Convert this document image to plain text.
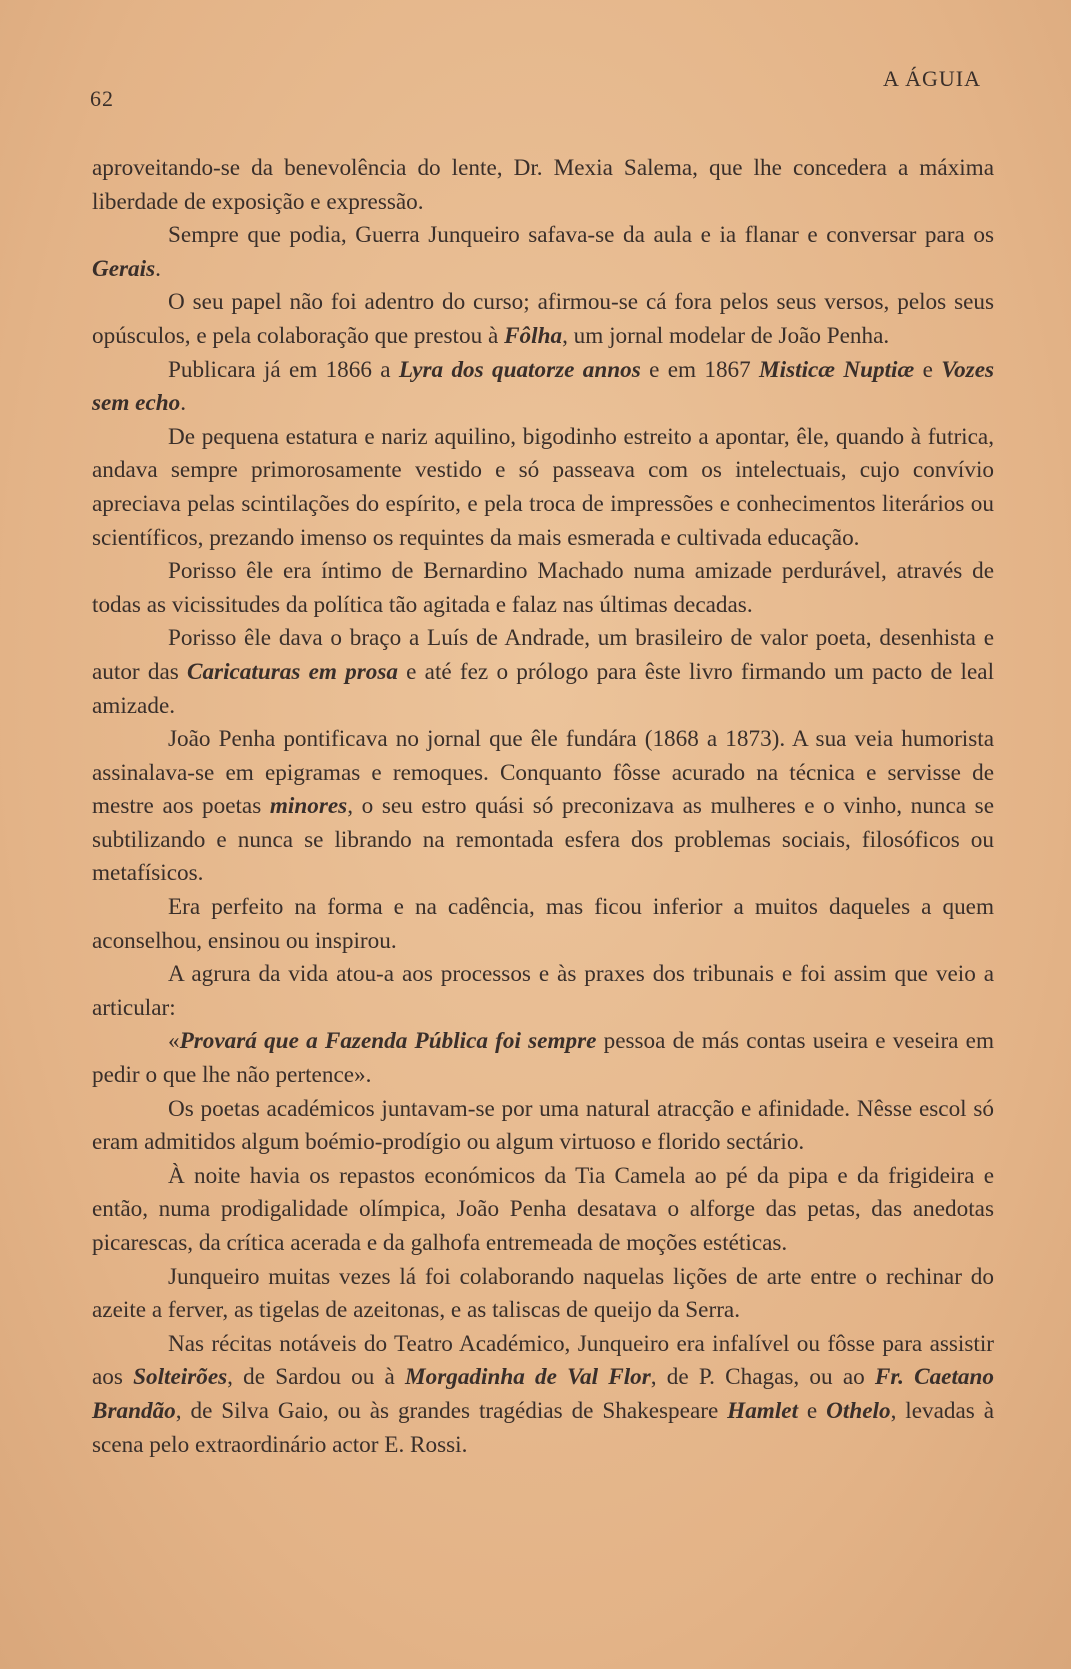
62
A ÁGUIA

aproveitando-se da benevolência do lente, Dr. Mexia Salema, que lhe concedera a máxima liberdade de exposição e expressão.

Sempre que podia, Guerra Junqueiro safava-se da aula e ia flanar e conversar para os Gerais.

O seu papel não foi adentro do curso; afirmou-se cá fora pelos seus versos, pelos seus opúsculos, e pela colaboração que prestou à Fôlha, um jornal modelar de João Penha.

Publicara já em 1866 a Lyra dos quatorze annos e em 1867 Misticæ Nuptiæ e Vozes sem echo.

De pequena estatura e nariz aquilino, bigodinho estreito a apontar, êle, quando à futrica, andava sempre primorosamente vestido e só passeava com os intelectuais, cujo convívio apreciava pelas scintilações do espírito, e pela troca de impressões e conhecimentos literários ou scientíficos, prezando imenso os requintes da mais esmerada e cultivada educação.

Porisso êle era íntimo de Bernardino Machado numa amizade perdurável, através de todas as vicissitudes da política tão agitada e falaz nas últimas decadas.

Porisso êle dava o braço a Luís de Andrade, um brasileiro de valor poeta, desenhista e autor das Caricaturas em prosa e até fez o prólogo para êste livro firmando um pacto de leal amizade.

João Penha pontificava no jornal que êle fundára (1868 a 1873). A sua veia humorista assinalava-se em epigramas e remoques. Conquanto fôsse acurado na técnica e servisse de mestre aos poetas minores, o seu estro quási só preconizava as mulheres e o vinho, nunca se subtilizando e nunca se librando na remontada esfera dos problemas sociais, filosóficos ou metafísicos.

Era perfeito na forma e na cadência, mas ficou inferior a muitos daqueles a quem aconselhou, ensinou ou inspirou.

A agrura da vida atou-a aos processos e às praxes dos tribunais e foi assim que veio a articular:

«Provará que a Fazenda Pública foi sempre pessoa de más contas useira e veseira em pedir o que lhe não pertence».

Os poetas académicos juntavam-se por uma natural atracção e afinidade. Nêsse escol só eram admitidos algum boémio-prodígio ou algum virtuoso e florido sectário.

À noite havia os repastos económicos da Tia Camela ao pé da pipa e da frigideira e então, numa prodigalidade olímpica, João Penha desatava o alforge das petas, das anedotas picarescas, da crítica acerada e da galhofa entremeada de moções estéticas.

Junqueiro muitas vezes lá foi colaborando naquelas lições de arte entre o rechinar do azeite a ferver, as tigelas de azeitonas, e as taliscas de queijo da Serra.

Nas récitas notáveis do Teatro Académico, Junqueiro era infalível ou fôsse para assistir aos Solteirões, de Sardou ou à Morgadinha de Val Flor, de P. Chagas, ou ao Fr. Caetano Brandão, de Silva Gaio, ou às grandes tragédias de Shakespeare Hamlet e Othelo, levadas à scena pelo extraordinário actor E. Rossi.
